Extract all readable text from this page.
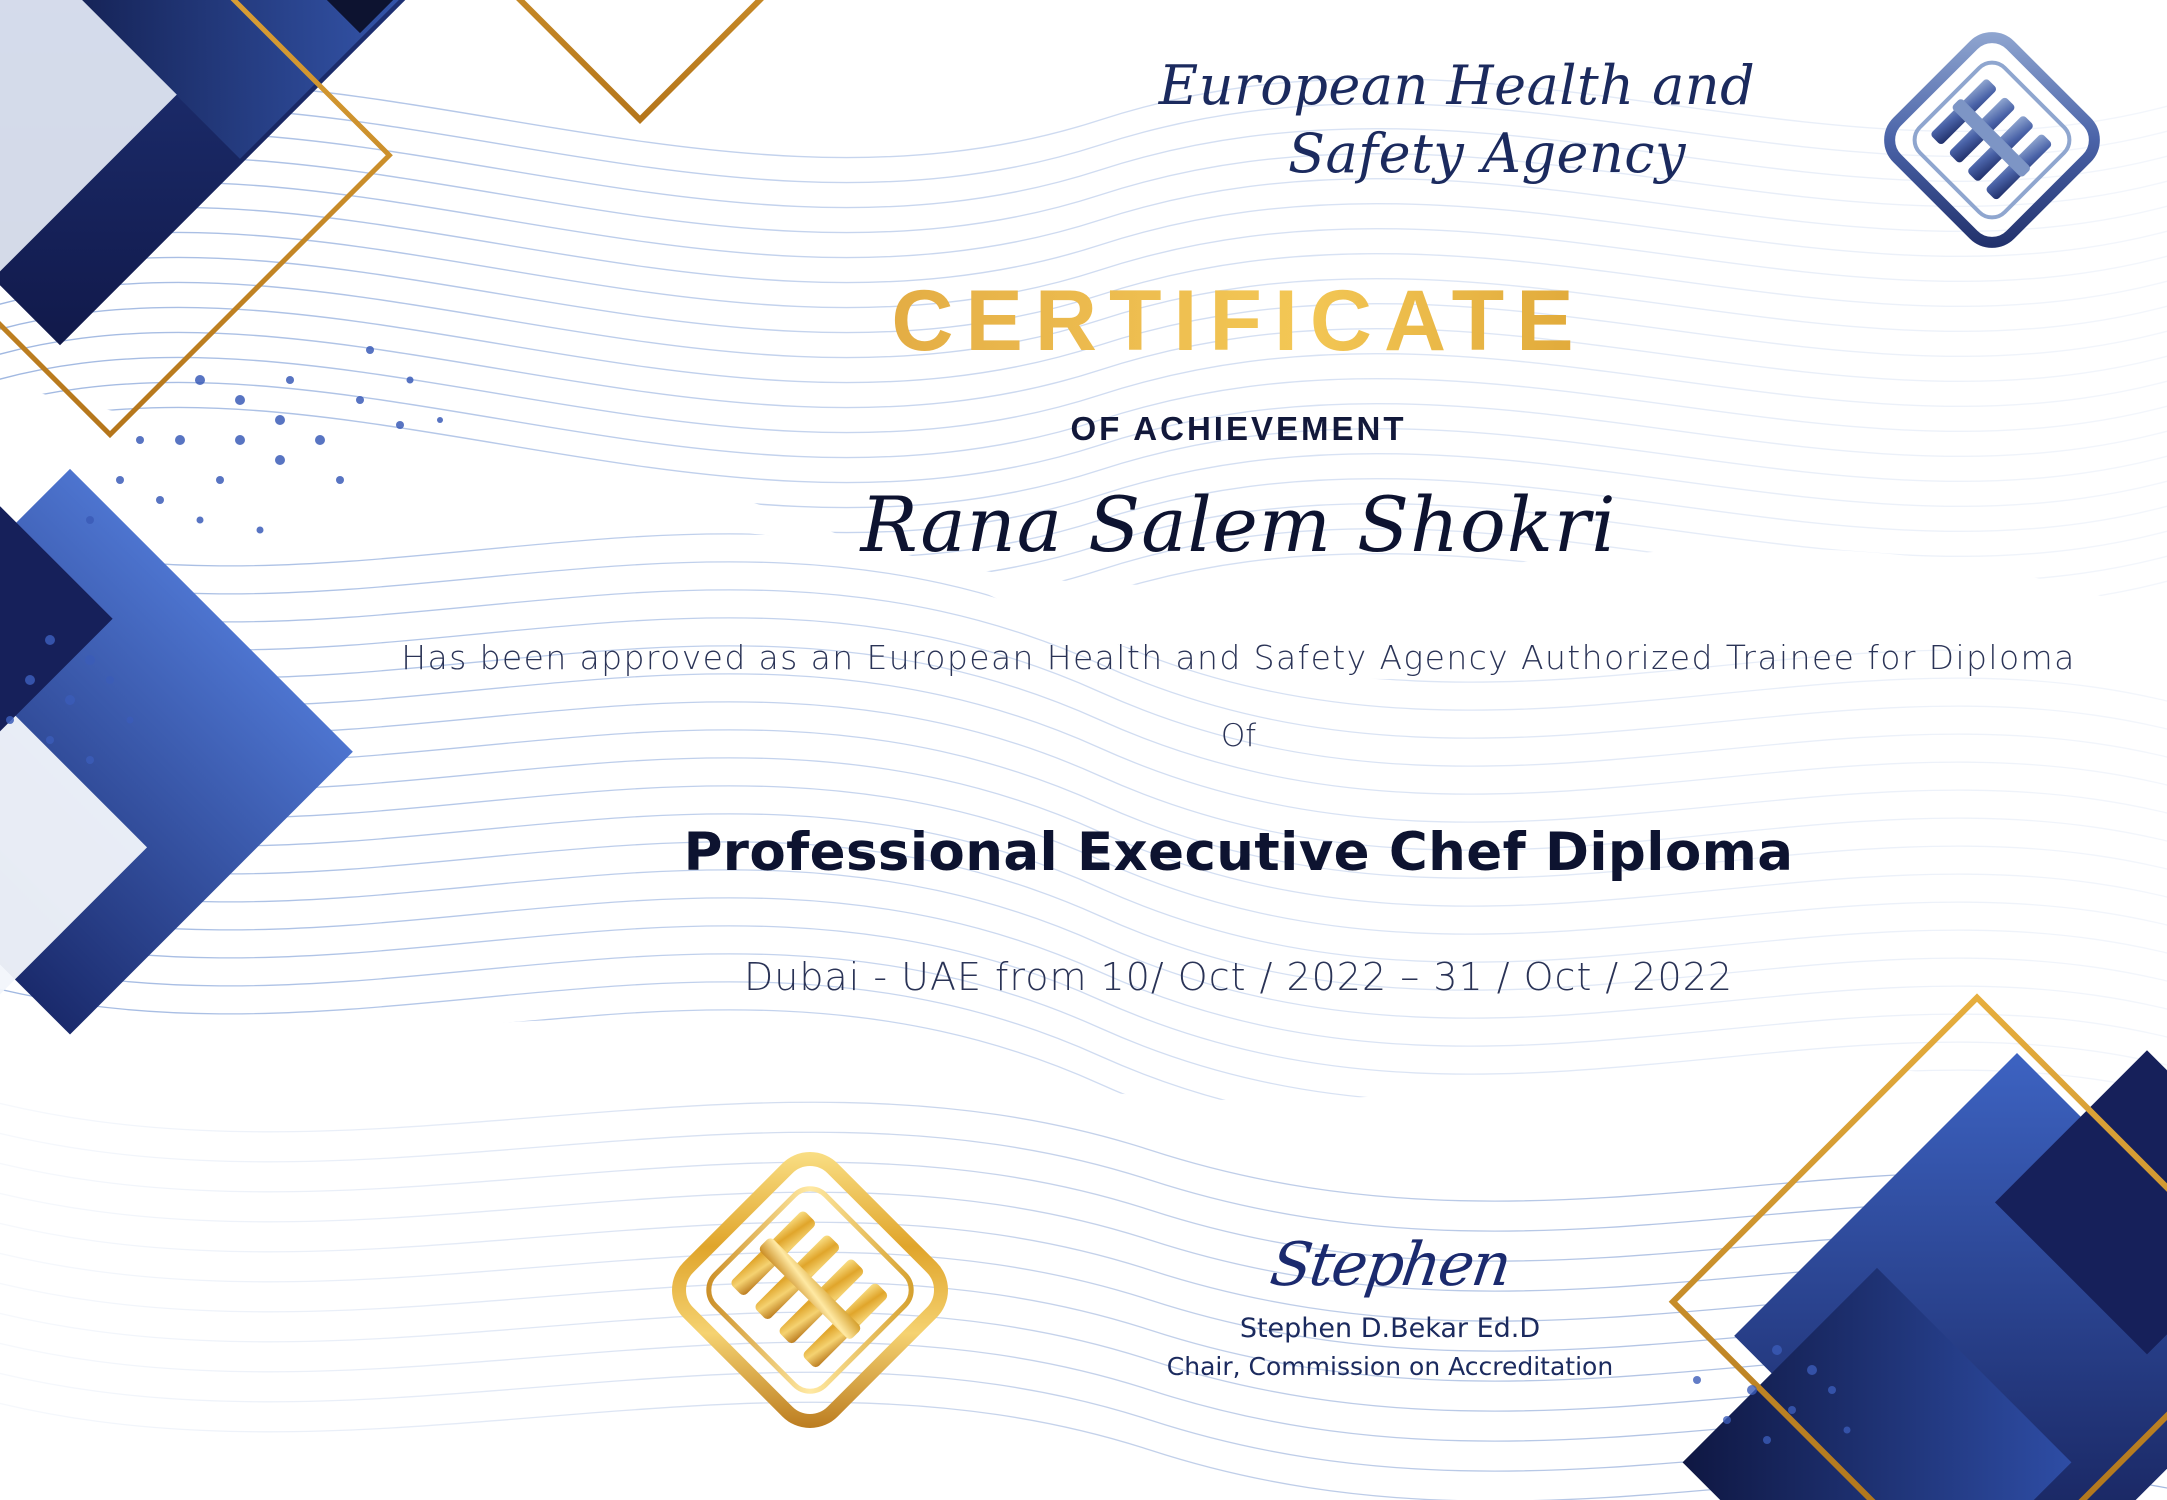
European Health and
Safety Agency
CERTIFICATE
OF ACHIEVEMENT
Rana Salem Shokri
Has been approved as an European Health and Safety Agency Authorized Trainee for Diploma
Of
Professional Executive Chef Diploma
Dubai - UAE from 10/ Oct / 2022 – 31 / Oct / 2022
Stephen
Stephen D.Bekar Ed.D
Chair, Commission on Accreditation
